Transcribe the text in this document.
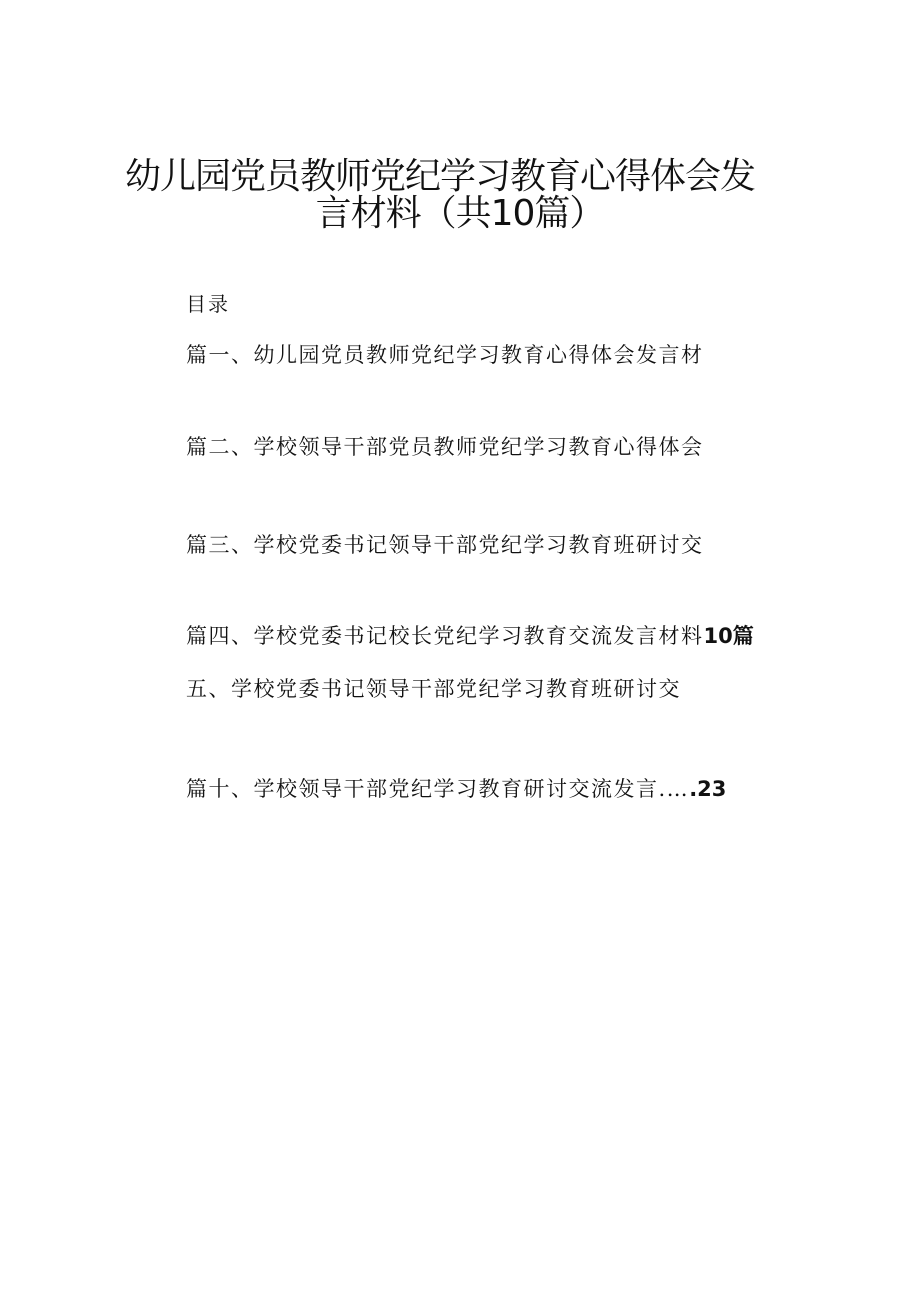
幼儿园党员教师党纪学习教育心得体会发
言材料（共10篇）
目录
篇一、幼儿园党员教师党纪学习教育心得体会发言材
篇二、学校领导干部党员教师党纪学习教育心得体会
篇三、学校党委书记领导干部党纪学习教育班研讨交
篇四、学校党委书记校长党纪学习教育交流发言材料10篇
五、学校党委书记领导干部党纪学习教育班研讨交
篇十、学校领导干部党纪学习教育研讨交流发言.….23
